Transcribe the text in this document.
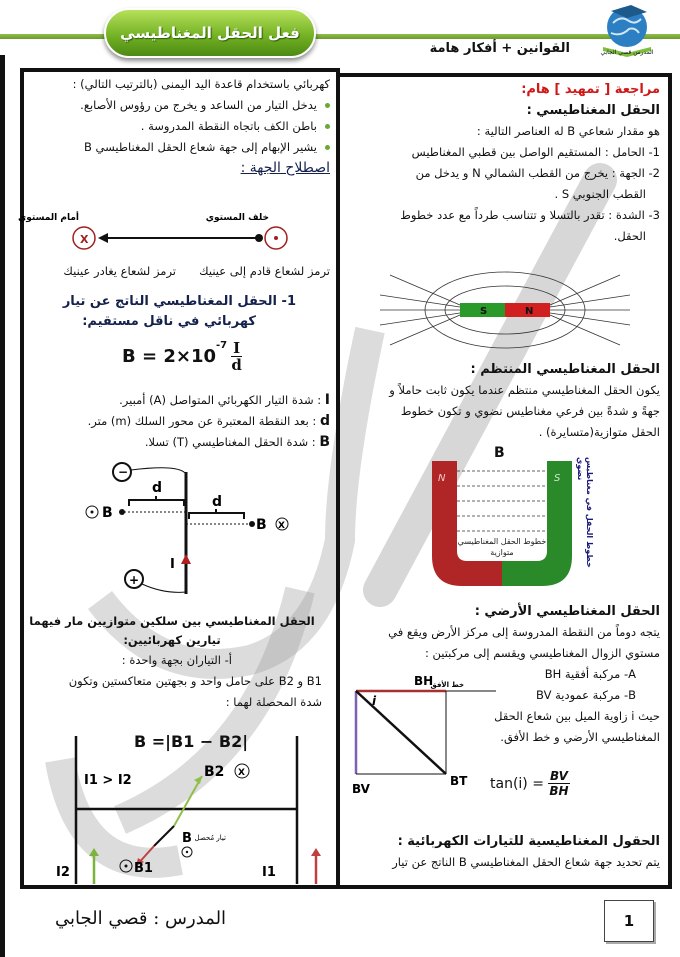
فعل الحقل المغناطيسي
القوانين + أفكار هامة	المدرس قصي الجابي
مراجعة [ تمهيد ] هام:
الحقل المغناطيسي :
هو مقدار شعاعي B له العناصر التالية :
1- الحامل : المستقيم الواصل بين قطبي المغناطيس
2- الجهة : يخرج من القطب الشمالي N و يدخل من
القطب الجنوبي S .
3- الشدة : تقدر بالتسلا و تتناسب طرداً مع عدد خطوط
الحقل.
S	N
الحقل المغناطيسي المنتظم :
يكون الحقل المغناطيسي منتظم عندما يكون ثابت حاملاً و
جهةً و شدةً بين فرعي مغناطيس نضوي و تكون خطوط
الحقل متوازية(متسايرة) .
N	S
B
خطوط الحقل المغناطيسي
متوازية	خطوط الحقل في مغناطيس نضوي
الحقل المغناطيسي الأرضي :
يتجه دوماً من النقطة المدروسة إلى مركز الأرض ويقع في
مستوي الزوال المغناطيسي ويقسم إلى مركبتين :
A- مركبة أفقية BH
B- مركبة عمودية BV
حيث i زاوية الميل بين شعاع الحقل
المغناطيسي الأرضي و خط الأفق.
BH
BT
BV
i
خط الأفق
$\tan(i) = \frac{BV}{BH}$
الحقول المغناطيسية للتيارات الكهربائية :
يتم تحديد جهة شعاع الحقل المغناطيسي B الناتج عن تيار
كهربائي باستخدام قاعدة اليد اليمنى (بالترتيب التالي) :
يدخل التيار من الساعد و يخرج من رؤوس الأصابع.
باطن الكف باتجاه النقطة المدروسة .
يشير الإبهام إلى جهة شعاع الحقل المغناطيسي B
اصطلاح الجهة :
أمام المستوي	خلف المستوي
X
ترمز لشعاع يغادر عينيك	ترمز لشعاع قادم إلى عينيك
1- الحقل المغناطيسي الناتج عن تيار
كهربائي في ناقل مستقيم:
B = 2×10
$^{-7} \frac{I}{d}$
I : شدة التيار الكهربائي المتواصل (A) أمبير.
d : بعد النقطة المعتبرة عن محور السلك (m) متر.
B : شدة الحقل المغناطيسي (T) تسلا.
−
+
d
d
B
B X
I
الحقل المغناطيسي بين سلكين متوازيين مار فيهما
تيارين كهربائيين:
أ- التياران بجهة واحدة :
B1 و B2 على حامل واحد و بجهتين متعاكستين وتكون
شدة المحصلة لهما :
B =|B1 − B2|
I1 > I2
B2 X
B تيار مُحصل
B1
I2	I1
المدرس : قصي الجابي	1
